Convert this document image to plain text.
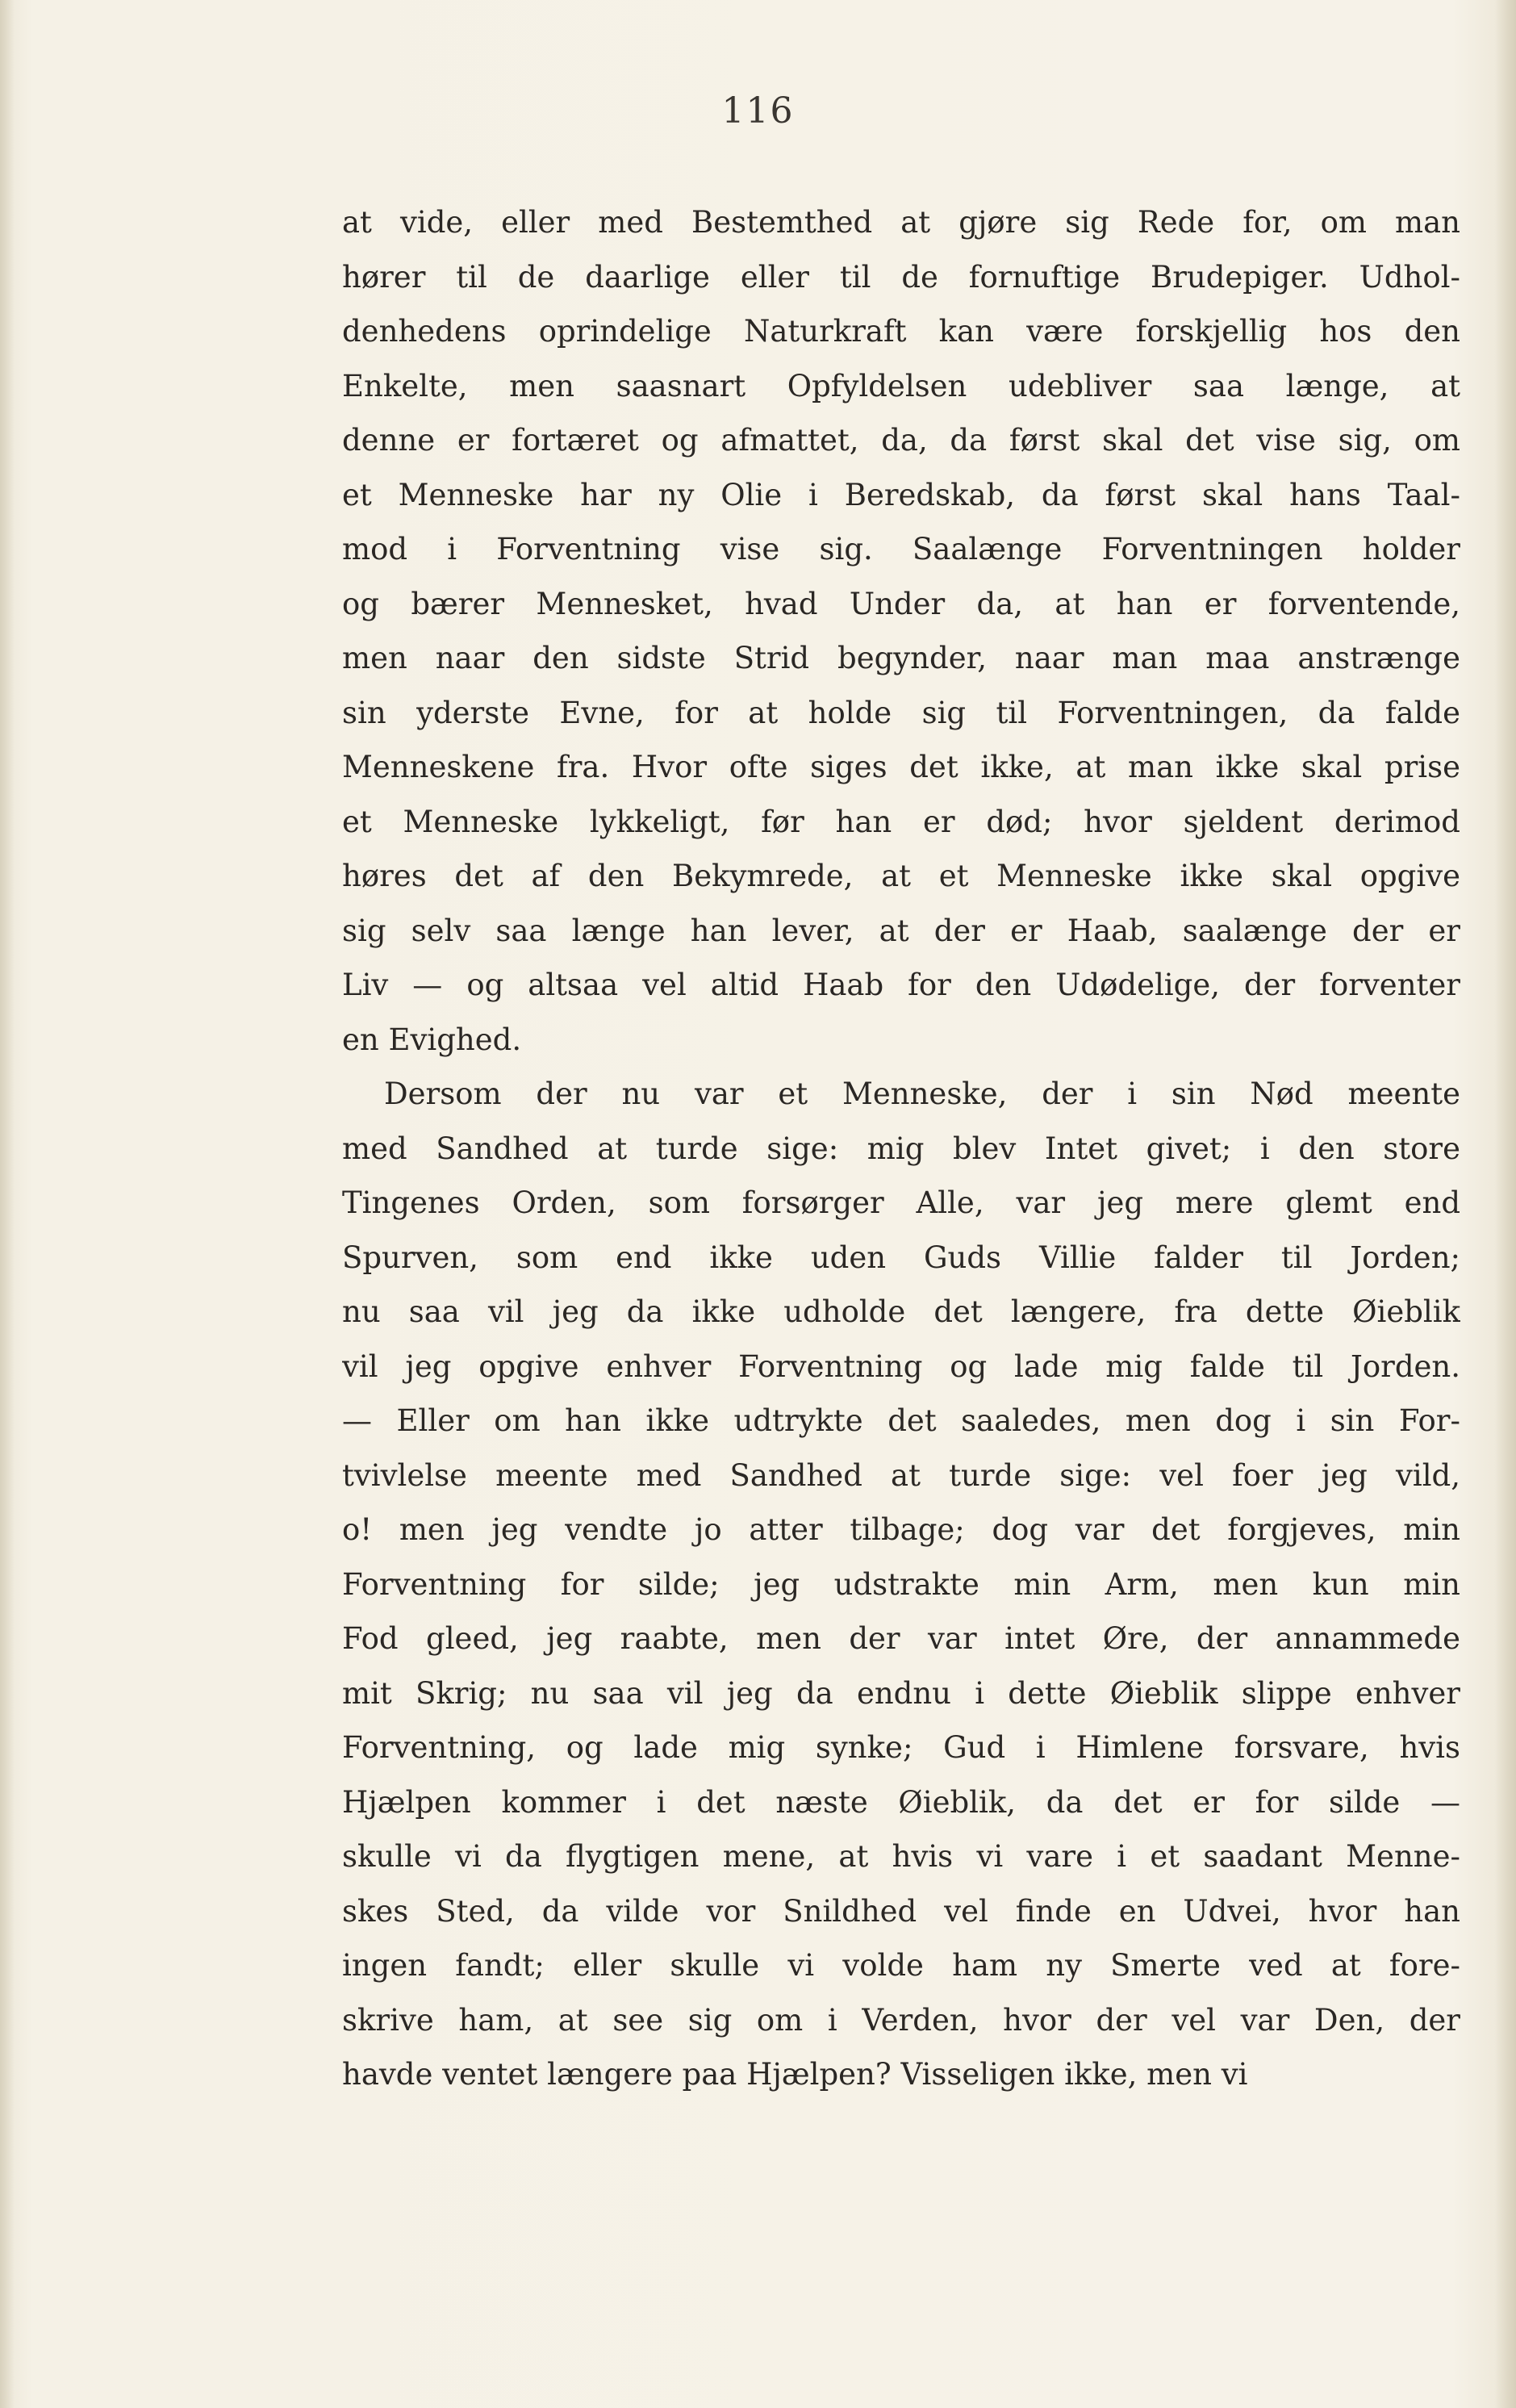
116
at vide, eller med Bestemthed at gjøre sig Rede for, om man
hører til de daarlige eller til de fornuftige Brudepiger. Udhol-
denhedens oprindelige Naturkraft kan være forskjellig hos den
Enkelte, men saasnart Opfyldelsen udebliver saa længe, at
denne er fortæret og afmattet, da, da først skal det vise sig, om
et Menneske har ny Olie i Beredskab, da først skal hans Taal-
mod i Forventning vise sig. Saalænge Forventningen holder
og bærer Mennesket, hvad Under da, at han er forventende,
men naar den sidste Strid begynder, naar man maa anstrænge
sin yderste Evne, for at holde sig til Forventningen, da falde
Menneskene fra. Hvor ofte siges det ikke, at man ikke skal prise
et Menneske lykkeligt, før han er død; hvor sjeldent derimod
høres det af den Bekymrede, at et Menneske ikke skal opgive
sig selv saa længe han lever, at der er Haab, saalænge der er
Liv — og altsaa vel altid Haab for den Udødelige, der forventer
en Evighed.
Dersom der nu var et Menneske, der i sin Nød meente
med Sandhed at turde sige: mig blev Intet givet; i den store
Tingenes Orden, som forsørger Alle, var jeg mere glemt end
Spurven, som end ikke uden Guds Villie falder til Jorden;
nu saa vil jeg da ikke udholde det længere, fra dette Øieblik
vil jeg opgive enhver Forventning og lade mig falde til Jorden.
— Eller om han ikke udtrykte det saaledes, men dog i sin For-
tvivlelse meente med Sandhed at turde sige: vel foer jeg vild,
o! men jeg vendte jo atter tilbage; dog var det forgjeves, min
Forventning for silde; jeg udstrakte min Arm, men kun min
Fod gleed, jeg raabte, men der var intet Øre, der annammede
mit Skrig; nu saa vil jeg da endnu i dette Øieblik slippe enhver
Forventning, og lade mig synke; Gud i Himlene forsvare, hvis
Hjælpen kommer i det næste Øieblik, da det er for silde —
skulle vi da flygtigen mene, at hvis vi vare i et saadant Menne-
skes Sted, da vilde vor Snildhed vel finde en Udvei, hvor han
ingen fandt; eller skulle vi volde ham ny Smerte ved at fore-
skrive ham, at see sig om i Verden, hvor der vel var Den, der
havde ventet længere paa Hjælpen? Visseligen ikke, men vi
